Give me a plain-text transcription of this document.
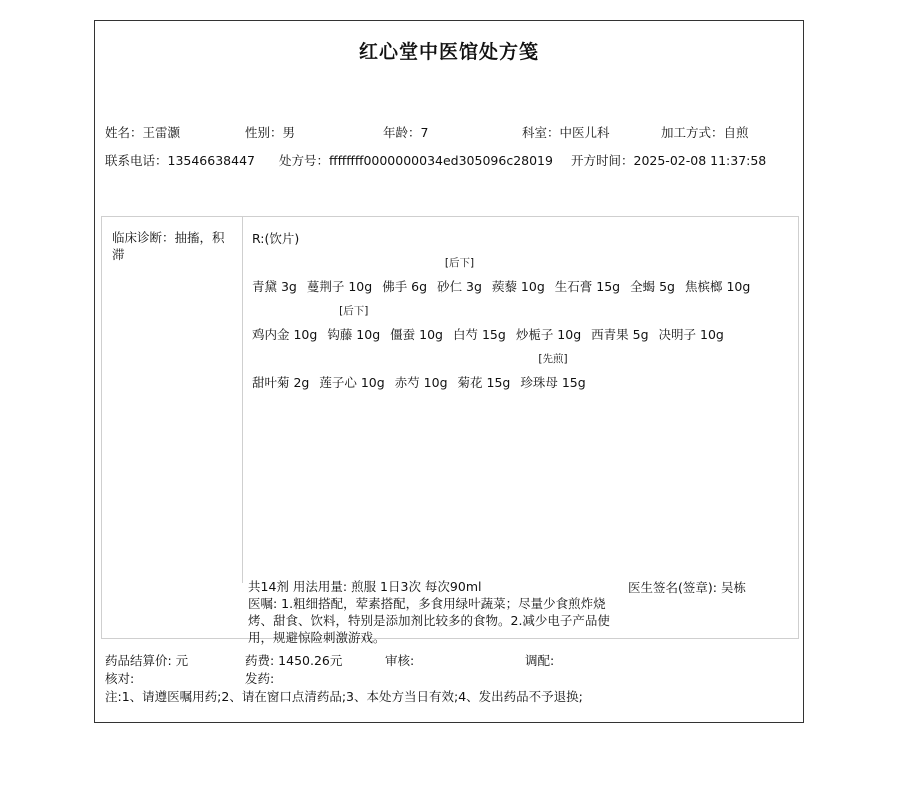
红心堂中医馆处方笺
姓名：王雷灏	性别：男	年龄：7	科室：中医儿科	加工方式：自煎
联系电话：13546638447 处方号：ffffffff0000000034ed305096c28019 开方时间：2025-02-08 11:37:58
临床诊断：抽搐，积滞
R:(饮片)
青黛 3g 蔓荆子 10g 佛手 6g 砂仁 3g
[后下]
蒺藜 10g 生石膏 15g 全蝎 5g 焦槟榔 10g
鸡内金 10g 钩藤 10g
[后下]
僵蚕 10g 白芍 15g 炒栀子 10g 西青果 5g 决明子 10g
甜叶菊 2g 莲子心 10g 赤芍 10g 菊花 15g 珍珠母 15g
[先煎]
共14剂 用法用量: 煎服 1日3次 每次90ml
医嘱: 1.粗细搭配，荤素搭配，多食用绿叶蔬菜；尽量少食煎炸烧烤、甜食、饮料，特别是添加剂比较多的食物。2.减少电子产品使用，规避惊险刺激游戏。
医生签名(签章): 吴栋
药品结算价: 元	药费: 1450.26元	审核:	调配:
核对:	发药:
注:1、请遵医嘱用药;2、请在窗口点清药品;3、本处方当日有效;4、发出药品不予退换;
